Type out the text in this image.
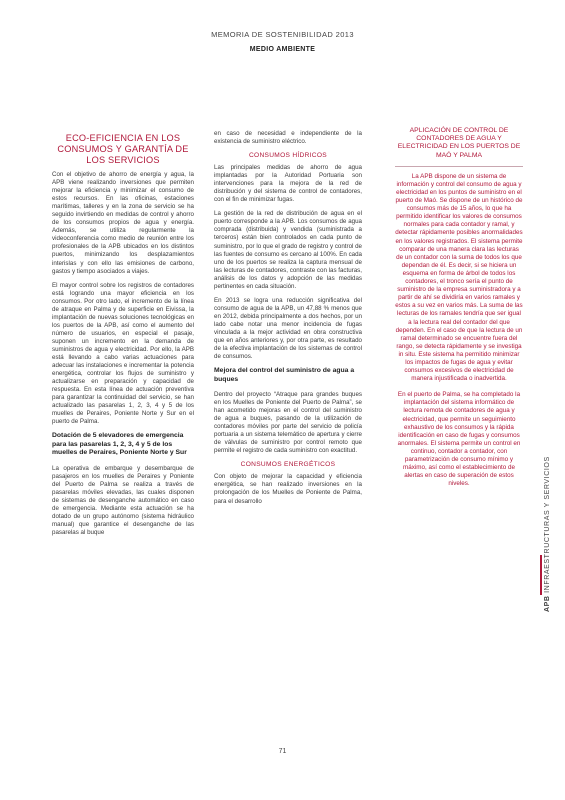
MEMORIA DE SOSTENIBILIDAD 2013
MEDIO AMBIENTE
ECO-EFICIENCIA EN LOS CONSUMOS Y GARANTÍA DE LOS SERVICIOS

Con el objetivo de ahorro de energía y agua, la APB viene realizando inversiones que permiten mejorar la eficiencia y minimizar el consumo de estos recursos. En las oficinas, estaciones marítimas, talleres y en la zona de servicio se ha seguido invirtiendo en medidas de control y ahorro de los consumos propios de agua y energía. Además, se utiliza regularmente la videoconferencia como medio de reunión entre los profesionales de la APB ubicados en los distintos puertos, minimizando los desplazamientos interislas y con ello las emisiones de carbono, gastos y tiempo asociados a viajes.

El mayor control sobre los registros de contadores está logrando una mayor eficiencia en los consumos. Por otro lado, el incremento de la línea de atraque en Palma y de superficie en Eivissa, la implantación de nuevas soluciones tecnológicas en los puertos de la APB, así como el aumento del número de usuarios, en especial el pasaje, suponen un incremento en la demanda de suministros de agua y electricidad. Por ello, la APB está llevando a cabo varias actuaciones para adecuar las instalaciones e incrementar la potencia energética, controlar los flujos de suministro y actualizarse en preparación y capacidad de respuesta. En esta línea de actuación preventiva para garantizar la continuidad del servicio, se han actualizado las pasarelas 1, 2, 3, 4 y 5 de los muelles de Peraires, Poniente Norte y Sur en el puerto de Palma.

Dotación de 5 elevadores de emergencia para las pasarelas 1, 2, 3, 4 y 5 de los muelles de Peraires, Poniente Norte y Sur

La operativa de embarque y desembarque de pasajeros en los muelles de Peraires y Poniente del Puerto de Palma se realiza a través de pasarelas móviles elevadas, las cuales disponen de sistemas de desenganche automático en caso de emergencia. Mediante esta actuación se ha dotado de un grupo autónomo (sistema hidráulico manual) que garantice el desenganche de las pasarelas al buque

en caso de necesidad e independiente de la existencia de suministro eléctrico.

CONSUMOS HÍDRICOS

Las principales medidas de ahorro de agua implantadas por la Autoridad Portuaria son intervenciones para la mejora de la red de distribución y del sistema de control de contadores, con el fin de minimizar fugas.

La gestión de la red de distribución de agua en el puerto corresponde a la APB. Los consumos de agua comprada (distribuida) y vendida (suministrada a terceros) están bien controlados en cada punto de suministro, por lo que el grado de registro y control de las fuentes de consumo es cercano al 100%. En cada uno de los puertos se realiza la captura mensual de las lecturas de contadores, contraste con las facturas, análisis de los datos y adopción de las medidas pertinentes en cada situación.

En 2013 se logra una reducción significativa del consumo de agua de la APB, un 47,88 % menos que en 2012, debida principalmente a dos hechos, por un lado cabe notar una menor incidencia de fugas vinculada a la mejor actividad en obra constructiva que en años anteriores y, por otra parte, es resultado de la efectiva implantación de los sistemas de control de consumos.

Mejora del control del suministro de agua a buques

Dentro del proyecto “Atraque para grandes buques en los Muelles de Poniente del Puerto de Palma”, se han acometido mejoras en el control del suministro de agua a buques, pasando de la utilización de contadores móviles por parte del servicio de policía portuaria a un sistema telemático de apertura y cierre de válvulas de suministro por control remoto que permite el registro de cada suministro con exactitud.

CONSUMOS ENERGÉTICOS

Con objeto de mejorar la capacidad y eficiencia energética, se han realizado inversiones en la prolongación de los Muelles de Poniente de Palma, para el desarrollo

APLICACIÓN DE CONTROL DE CONTADORES DE AGUA Y ELECTRICIDAD EN LOS PUERTOS DE MAÓ Y PALMA

La APB dispone de un sistema de información y control del consumo de agua y electricidad en los puntos de suministro en el puerto de Maó. Se dispone de un histórico de consumos más de 15 años, lo que ha permitido identificar los valores de consumos normales para cada contador y ramal, y detectar rápidamente posibles anormalidades en los valores registrados. El sistema permite comparar de una manera clara las lecturas de un contador con la suma de todos los que dependan de él. Es decir, si se hiciera un esquema en forma de árbol de todos los contadores, el tronco sería el punto de suministro de la empresa suministradora y a partir de ahí se dividiría en varios ramales y estos a su vez en varios más. La suma de las lecturas de los ramales tendría que ser igual a la lectura real del contador del que dependen. En el caso de que la lectura de un ramal determinado se encuentre fuera del rango, se detecta rápidamente y se investiga in situ. Este sistema ha permitido minimizar los impactos de fugas de agua y evitar consumos excesivos de electricidad de manera injustificada o inadvertida.

En el puerto de Palma, se ha completado la implantación del sistema informático de lectura remota de contadores de agua y electricidad, que permite un seguimiento exhaustivo de los consumos y la rápida identificación en caso de fugas y consumos anormales. El sistema permite un control en continuo, contador a contador, con parametrización de consumo mínimo y máximo, así como el establecimiento de alertas en caso de superación de estos niveles.

APB INFRAESTRUCTURAS Y SERVICIOS
71
